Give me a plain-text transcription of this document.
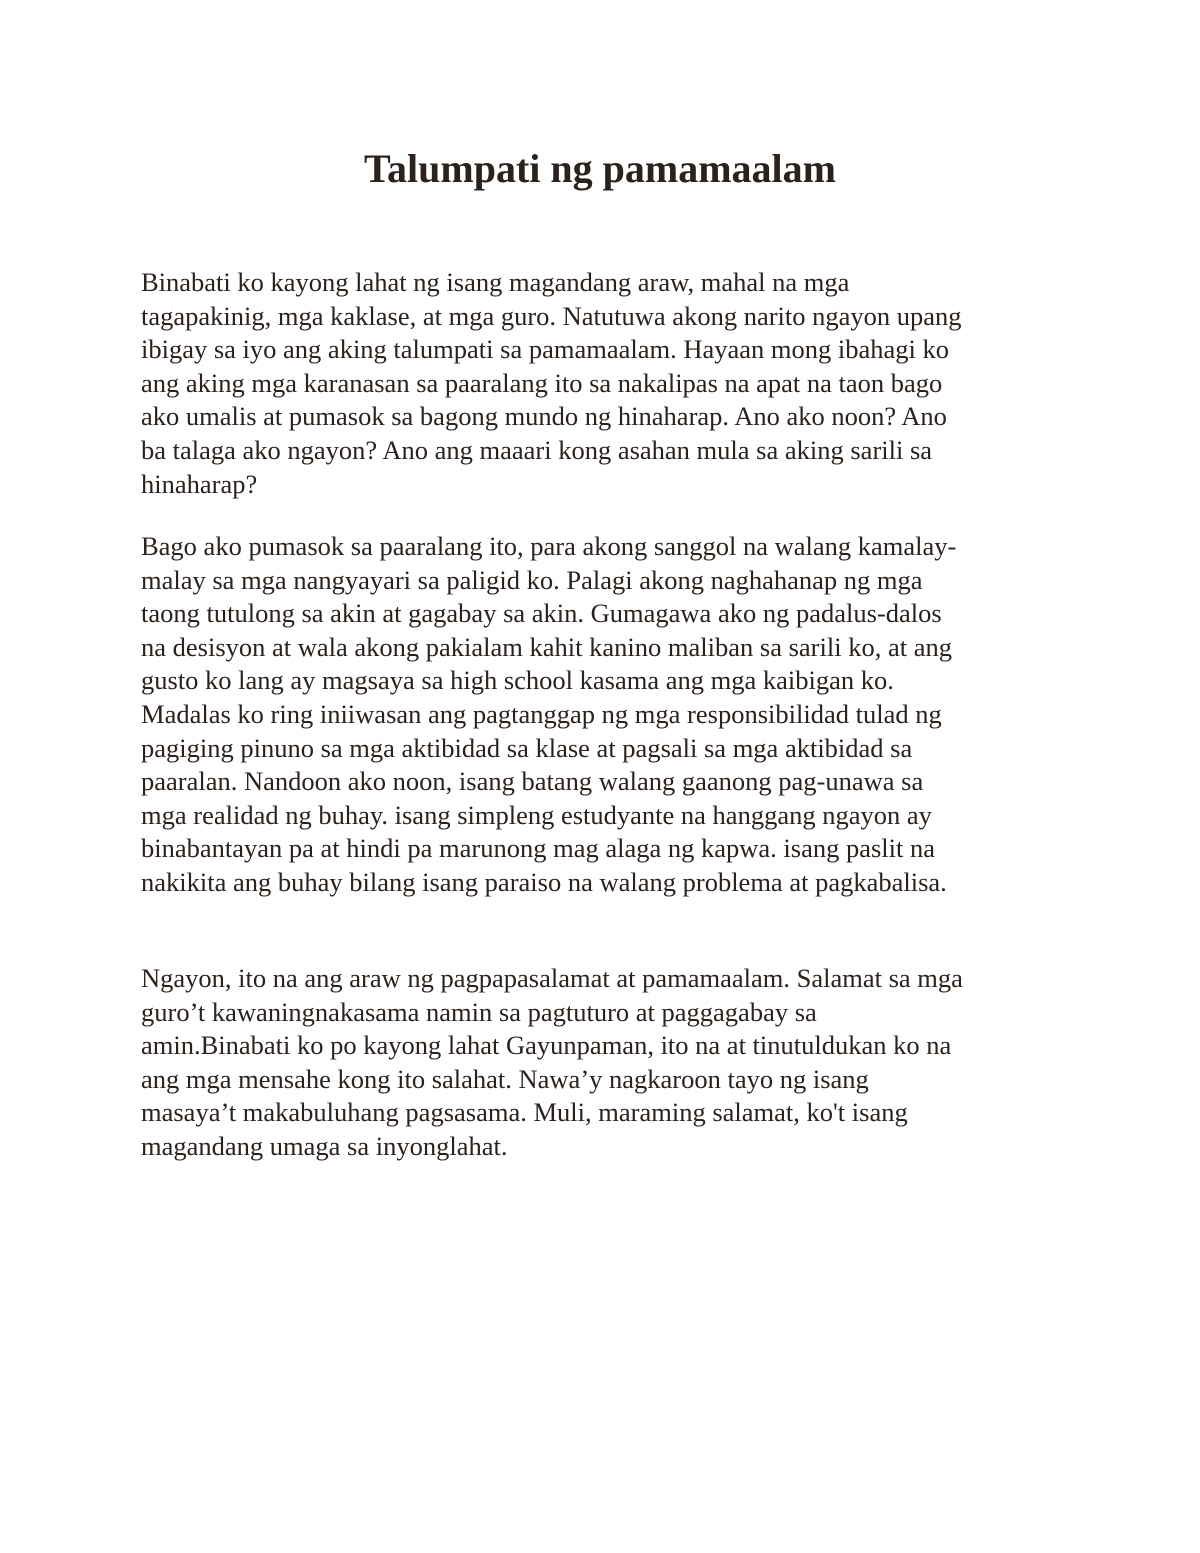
Talumpati ng pamamaalam

Binabati ko kayong lahat ng isang magandang araw, mahal na mga
tagapakinig, mga kaklase, at mga guro. Natutuwa akong narito ngayon upang
ibigay sa iyo ang aking talumpati sa pamamaalam. Hayaan mong ibahagi ko
ang aking mga karanasan sa paaralang ito sa nakalipas na apat na taon bago
ako umalis at pumasok sa bagong mundo ng hinaharap. Ano ako noon? Ano
ba talaga ako ngayon? Ano ang maaari kong asahan mula sa aking sarili sa
hinaharap?

Bago ako pumasok sa paaralang ito, para akong sanggol na walang kamalay-
malay sa mga nangyayari sa paligid ko. Palagi akong naghahanap ng mga
taong tutulong sa akin at gagabay sa akin. Gumagawa ako ng padalus-dalos
na desisyon at wala akong pakialam kahit kanino maliban sa sarili ko, at ang
gusto ko lang ay magsaya sa high school kasama ang mga kaibigan ko.
Madalas ko ring iniiwasan ang pagtanggap ng mga responsibilidad tulad ng
pagiging pinuno sa mga aktibidad sa klase at pagsali sa mga aktibidad sa
paaralan. Nandoon ako noon, isang batang walang gaanong pag-unawa sa
mga realidad ng buhay. isang simpleng estudyante na hanggang ngayon ay
binabantayan pa at hindi pa marunong mag alaga ng kapwa. isang paslit na
nakikita ang buhay bilang isang paraiso na walang problema at pagkabalisa.

Ngayon, ito na ang araw ng pagpapasalamat at pamamaalam. Salamat sa mga
guro’t kawaningnakasama namin sa pagtuturo at paggagabay sa
amin.Binabati ko po kayong lahat Gayunpaman, ito na at tinutuldukan ko na
ang mga mensahe kong ito salahat. Nawa’y nagkaroon tayo ng isang
masaya’t makabuluhang pagsasama. Muli, maraming salamat, ko't isang
magandang umaga sa inyonglahat.
